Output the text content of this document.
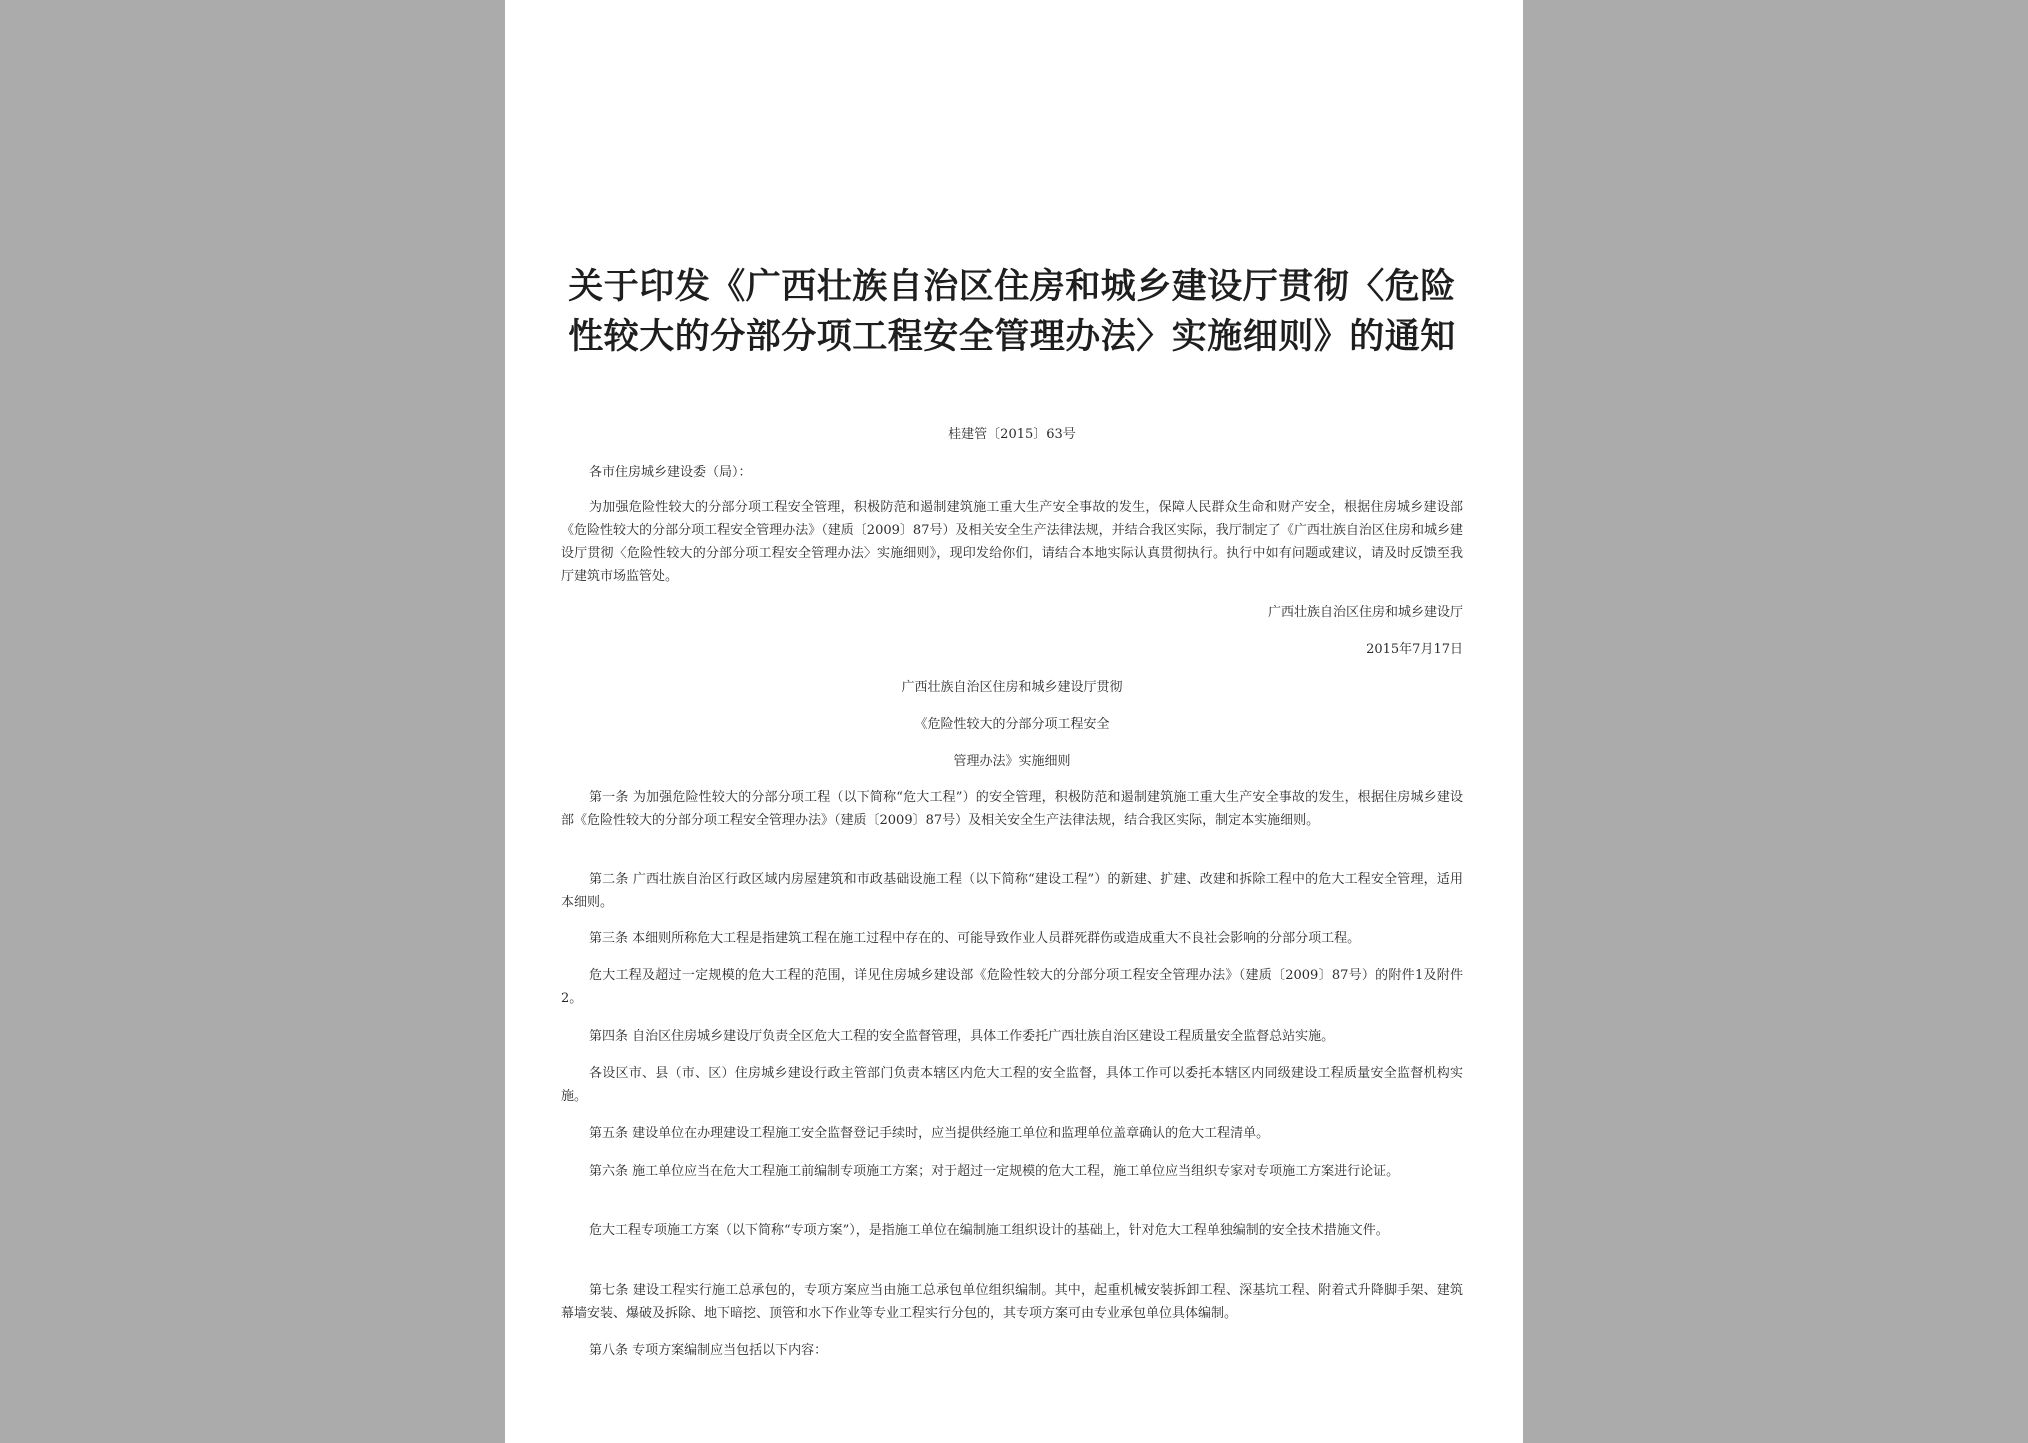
关于印发《广西壮族自治区住房和城乡建设厅贯彻〈危险性较大的分部分项工程安全管理办法〉实施细则》的通知
桂建管〔2015〕63号
各市住房城乡建设委（局）：

为加强危险性较大的分部分项工程安全管理，积极防范和遏制建筑施工重大生产安全事故的发生，保障人民群众生命和财产安全，根据住房城乡建设部《危险性较大的分部分项工程安全管理办法》（建质〔2009〕87号）及相关安全生产法律法规，并结合我区实际，我厅制定了《广西壮族自治区住房和城乡建设厅贯彻〈危险性较大的分部分项工程安全管理办法〉实施细则》，现印发给你们，请结合本地实际认真贯彻执行。执行中如有问题或建议，请及时反馈至我厅建筑市场监管处。

广西壮族自治区住房和城乡建设厅
2015年7月17日
广西壮族自治区住房和城乡建设厅贯彻
《危险性较大的分部分项工程安全
管理办法》实施细则

第一条 为加强危险性较大的分部分项工程（以下简称“危大工程”）的安全管理，积极防范和遏制建筑施工重大生产安全事故的发生，根据住房城乡建设部《危险性较大的分部分项工程安全管理办法》（建质〔2009〕87号）及相关安全生产法律法规，结合我区实际，制定本实施细则。

第二条 广西壮族自治区行政区域内房屋建筑和市政基础设施工程（以下简称“建设工程”）的新建、扩建、改建和拆除工程中的危大工程安全管理，适用本细则。

第三条 本细则所称危大工程是指建筑工程在施工过程中存在的、可能导致作业人员群死群伤或造成重大不良社会影响的分部分项工程。

危大工程及超过一定规模的危大工程的范围，详见住房城乡建设部《危险性较大的分部分项工程安全管理办法》（建质〔2009〕87号）的附件1及附件2。

第四条 自治区住房城乡建设厅负责全区危大工程的安全监督管理，具体工作委托广西壮族自治区建设工程质量安全监督总站实施。

各设区市、县（市、区）住房城乡建设行政主管部门负责本辖区内危大工程的安全监督，具体工作可以委托本辖区内同级建设工程质量安全监督机构实施。

第五条 建设单位在办理建设工程施工安全监督登记手续时，应当提供经施工单位和监理单位盖章确认的危大工程清单。

第六条 施工单位应当在危大工程施工前编制专项施工方案；对于超过一定规模的危大工程，施工单位应当组织专家对专项施工方案进行论证。

危大工程专项施工方案（以下简称“专项方案”），是指施工单位在编制施工组织设计的基础上，针对危大工程单独编制的安全技术措施文件。

第七条 建设工程实行施工总承包的，专项方案应当由施工总承包单位组织编制。其中，起重机械安装拆卸工程、深基坑工程、附着式升降脚手架、建筑幕墙安装、爆破及拆除、地下暗挖、顶管和水下作业等专业工程实行分包的，其专项方案可由专业承包单位具体编制。

第八条 专项方案编制应当包括以下内容：
